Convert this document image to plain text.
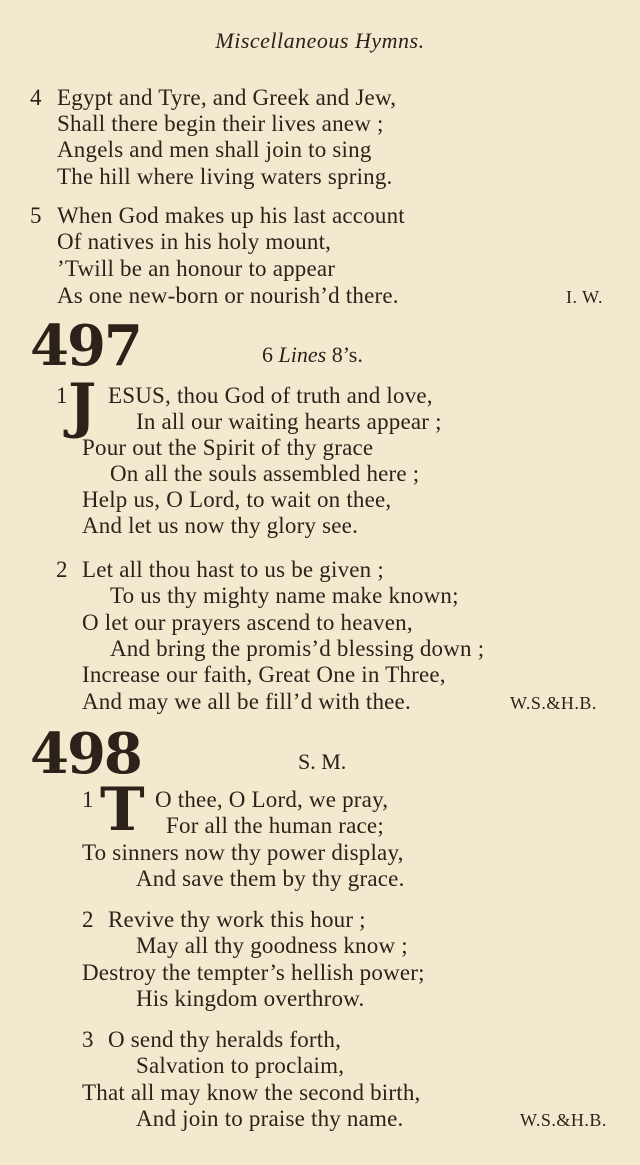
Miscellaneous Hymns.
4 Egypt and Tyre, and Greek and Jew,
Shall there begin their lives anew ;
Angels and men shall join to sing
The hill where living waters spring.
5 When God makes up his last account
Of natives in his holy mount,
’Twill be an honour to appear
As one new-born or nourish’d there.	I. W.
497	6 Lines 8’s.
1 J ESUS, thou God of truth and love,
In all our waiting hearts appear ;
Pour out the Spirit of thy grace
On all the souls assembled here ;
Help us, O Lord, to wait on thee,
And let us now thy glory see.
2 Let all thou hast to us be given ;
To us thy mighty name make known;
O let our prayers ascend to heaven,
And bring the promis’d blessing down ;
Increase our faith, Great One in Three,
And may we all be fill’d with thee.	W.S.&H.B.
498	S. M.
1 T O thee, O Lord, we pray,
For all the human race;
To sinners now thy power display,
And save them by thy grace.
2 Revive thy work this hour ;
May all thy goodness know ;
Destroy the tempter’s hellish power;
His kingdom overthrow.
3 O send thy heralds forth,
Salvation to proclaim,
That all may know the second birth,
And join to praise thy name.	W.S.&H.B.
